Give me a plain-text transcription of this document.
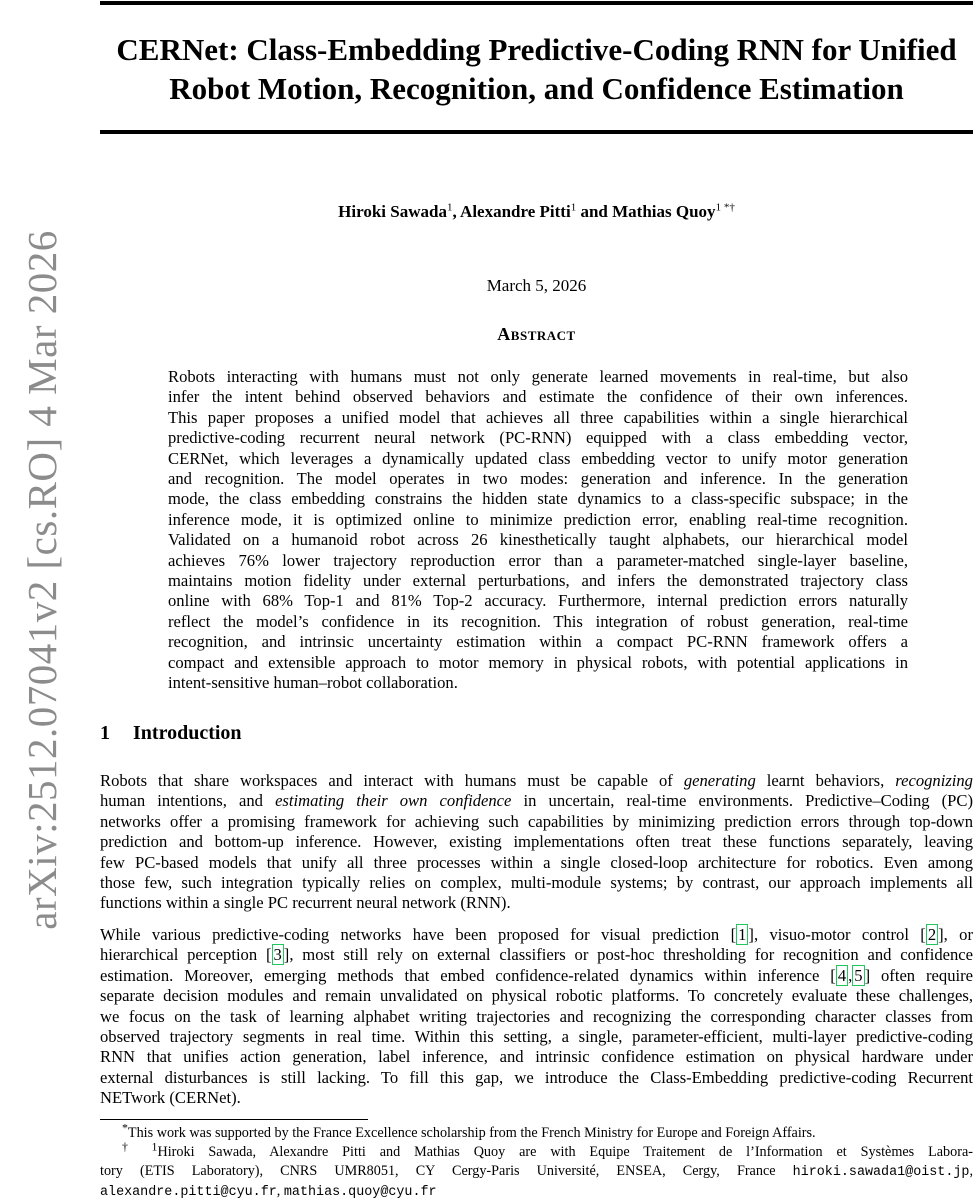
arXiv:2512.07041v2 [cs.RO] 4 Mar 2026
CERNet: Class-Embedding Predictive-Coding RNN for Unified
Robot Motion, Recognition, and Confidence Estimation
Hiroki Sawada$^1$, Alexandre Pitti$^1$ and Mathias Quoy$^{1 *\dagger}$
March 5, 2026
Abstract
Robots interacting with humans must not only generate learned movements in real-time, but also
infer the intent behind observed behaviors and estimate the confidence of their own inferences.
This paper proposes a unified model that achieves all three capabilities within a single hierarchical
predictive-coding recurrent neural network (PC-RNN) equipped with a class embedding vector,
CERNet, which leverages a dynamically updated class embedding vector to unify motor generation
and recognition. The model operates in two modes: generation and inference. In the generation
mode, the class embedding constrains the hidden state dynamics to a class-specific subspace; in the
inference mode, it is optimized online to minimize prediction error, enabling real-time recognition.
Validated on a humanoid robot across 26 kinesthetically taught alphabets, our hierarchical model
achieves 76% lower trajectory reproduction error than a parameter-matched single-layer baseline,
maintains motion fidelity under external perturbations, and infers the demonstrated trajectory class
online with 68% Top-1 and 81% Top-2 accuracy. Furthermore, internal prediction errors naturally
reflect the model’s confidence in its recognition. This integration of robust generation, real-time
recognition, and intrinsic uncertainty estimation within a compact PC-RNN framework offers a
compact and extensible approach to motor memory in physical robots, with potential applications in
intent-sensitive human–robot collaboration.
1 Introduction
Robots that share workspaces and interact with humans must be capable of generating learnt behaviors, recognizing
human intentions, and estimating their own confidence in uncertain, real-time environments. Predictive–Coding (PC)
networks offer a promising framework for achieving such capabilities by minimizing prediction errors through top-down
prediction and bottom-up inference. However, existing implementations often treat these functions separately, leaving
few PC-based models that unify all three processes within a single closed-loop architecture for robotics. Even among
those few, such integration typically relies on complex, multi-module systems; by contrast, our approach implements all
functions within a single PC recurrent neural network (RNN).
While various predictive-coding networks have been proposed for visual prediction [ 1 ], visuo-motor control [ 2 ], or
hierarchical perception [ 3 ], most still rely on external classifiers or post-hoc thresholding for recognition and confidence
estimation. Moreover, emerging methods that embed confidence-related dynamics within inference [ 4 , 5 ] often require
separate decision modules and remain unvalidated on physical robotic platforms. To concretely evaluate these challenges,
we focus on the task of learning alphabet writing trajectories and recognizing the corresponding character classes from
observed trajectory segments in real time. Within this setting, a single, parameter-efficient, multi-layer predictive-coding
RNN that unifies action generation, label inference, and intrinsic confidence estimation on physical hardware under
external disturbances is still lacking. To fill this gap, we introduce the Class-Embedding predictive-coding Recurrent
NETwork (CERNet).
*This work was supported by the France Excellence scholarship from the French Ministry for Europe and Foreign Affairs.
$^{\dagger 1}$Hiroki Sawada, Alexandre Pitti and Mathias Quoy are with Equipe Traitement de l’Information et Systèmes Labora-
tory (ETIS Laboratory), CNRS UMR8051, CY Cergy-Paris Université, ENSEA, Cergy, France hiroki.sawada1@oist.jp,
alexandre.pitti@cyu.fr, mathias.quoy@cyu.fr
